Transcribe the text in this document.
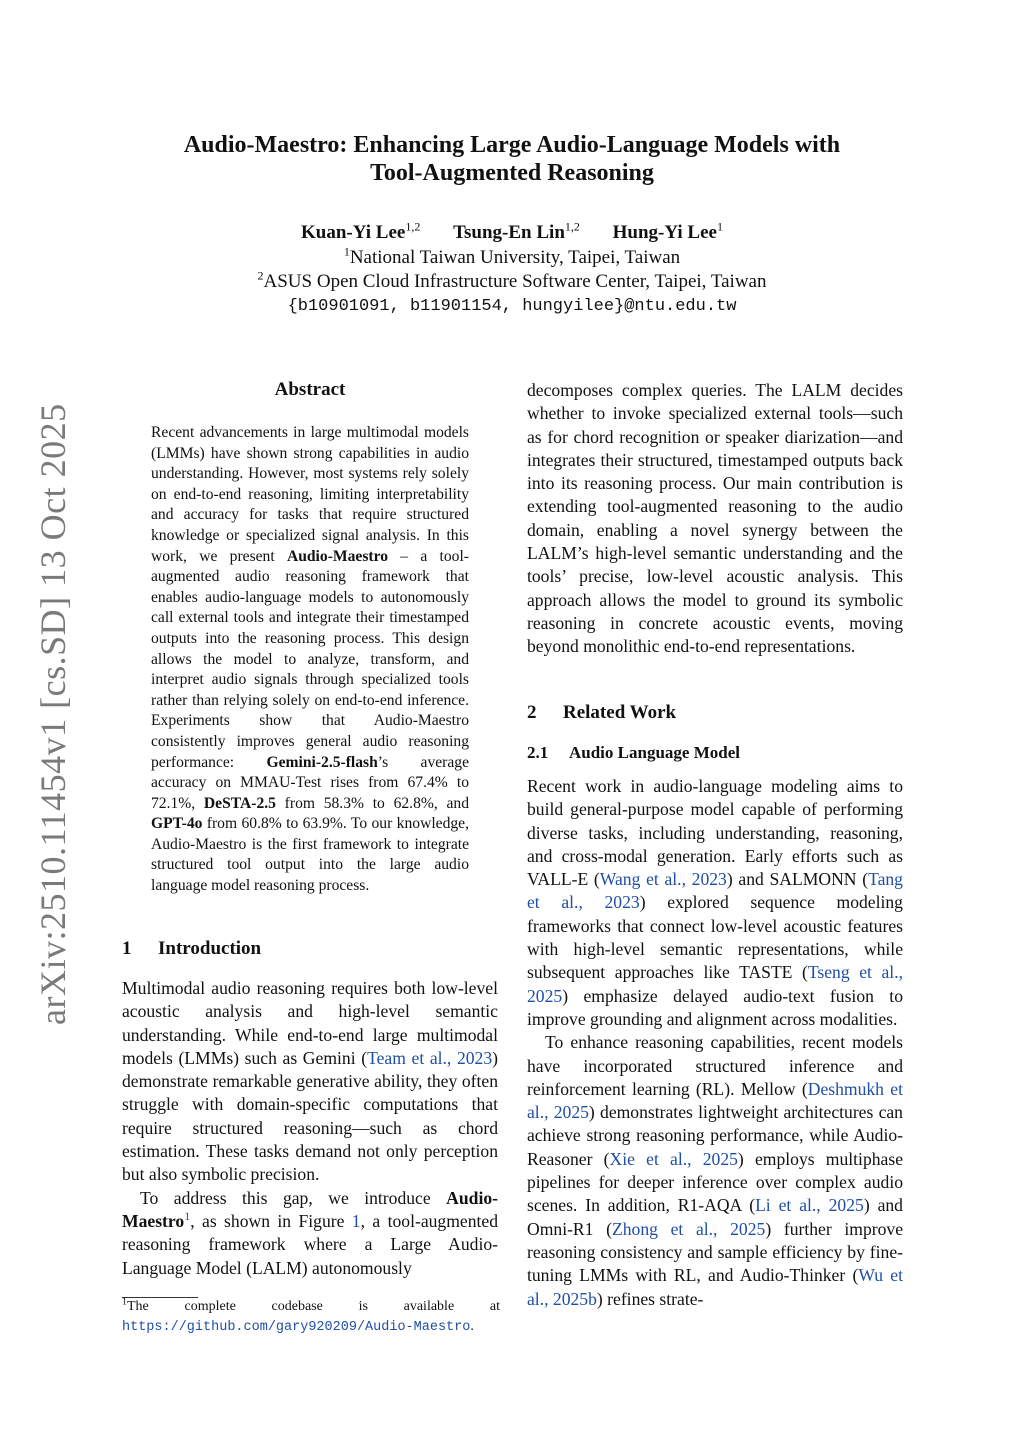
arXiv:2510.11454v1 [cs.SD] 13 Oct 2025
Audio-Maestro: Enhancing Large Audio-Language Models with
Tool-Augmented Reasoning
Kuan-Yi Lee$^{1,2}$ Tsung-En Lin$^{1,2}$ Hung-Yi Lee$^1$
$^1$National Taiwan University, Taipei, Taiwan
$^2$ASUS Open Cloud Infrastructure Software Center, Taipei, Taiwan
{b10901091, b11901154, hungyilee}@ntu.edu.tw
Abstract

Recent advancements in large multimodal models (LMMs) have shown strong capabilities in audio understanding. However, most systems rely solely on end-to-end reasoning, limiting interpretability and accuracy for tasks that require structured knowledge or specialized signal analysis. In this work, we present Audio-Maestro – a tool-augmented audio reasoning framework that enables audio-language models to autonomously call external tools and integrate their timestamped outputs into the reasoning process. This design allows the model to analyze, transform, and interpret audio signals through specialized tools rather than relying solely on end-to-end inference. Experiments show that Audio-Maestro consistently improves general audio reasoning performance: Gemini-2.5-flash’s average accuracy on MMAU-Test rises from 67.4% to 72.1%, DeSTA-2.5 from 58.3% to 62.8%, and GPT-4o from 60.8% to 63.9%. To our knowledge, Audio-Maestro is the first framework to integrate structured tool output into the large audio language model reasoning process.

1 Introduction

Multimodal audio reasoning requires both low-level acoustic analysis and high-level semantic understanding. While end-to-end large multimodal models (LMMs) such as Gemini (Team et al., 2023) demonstrate remarkable generative ability, they often struggle with domain-specific computations that require structured reasoning—such as chord estimation. These tasks demand not only perception but also symbolic precision.

To address this gap, we introduce Audio-Maestro$^1$, as shown in Figure 1, a tool-augmented reasoning framework where a Large Audio-Language Model (LALM) autonomously

$^1$The complete codebase is available at https://github.com/gary920209/Audio-Maestro.

decomposes complex queries. The LALM decides whether to invoke specialized external tools—such as for chord recognition or speaker diarization—and integrates their structured, timestamped outputs back into its reasoning process. Our main contribution is extending tool-augmented reasoning to the audio domain, enabling a novel synergy between the LALM’s high-level semantic understanding and the tools’ precise, low-level acoustic analysis. This approach allows the model to ground its symbolic reasoning in concrete acoustic events, moving beyond monolithic end-to-end representations.

2 Related Work
2.1 Audio Language Model

Recent work in audio-language modeling aims to build general-purpose model capable of performing diverse tasks, including understanding, reasoning, and cross-modal generation. Early efforts such as VALL-E (Wang et al., 2023) and SALMONN (Tang et al., 2023) explored sequence modeling frameworks that connect low-level acoustic features with high-level semantic representations, while subsequent approaches like TASTE (Tseng et al., 2025) emphasize delayed audio-text fusion to improve grounding and alignment across modalities.

To enhance reasoning capabilities, recent models have incorporated structured inference and reinforcement learning (RL). Mellow (Deshmukh et al., 2025) demonstrates lightweight architectures can achieve strong reasoning performance, while Audio-Reasoner (Xie et al., 2025) employs multiphase pipelines for deeper inference over complex audio scenes. In addition, R1-AQA (Li et al., 2025) and Omni-R1 (Zhong et al., 2025) further improve reasoning consistency and sample efficiency by fine-tuning LMMs with RL, and Audio-Thinker (Wu et al., 2025b) refines strate-
